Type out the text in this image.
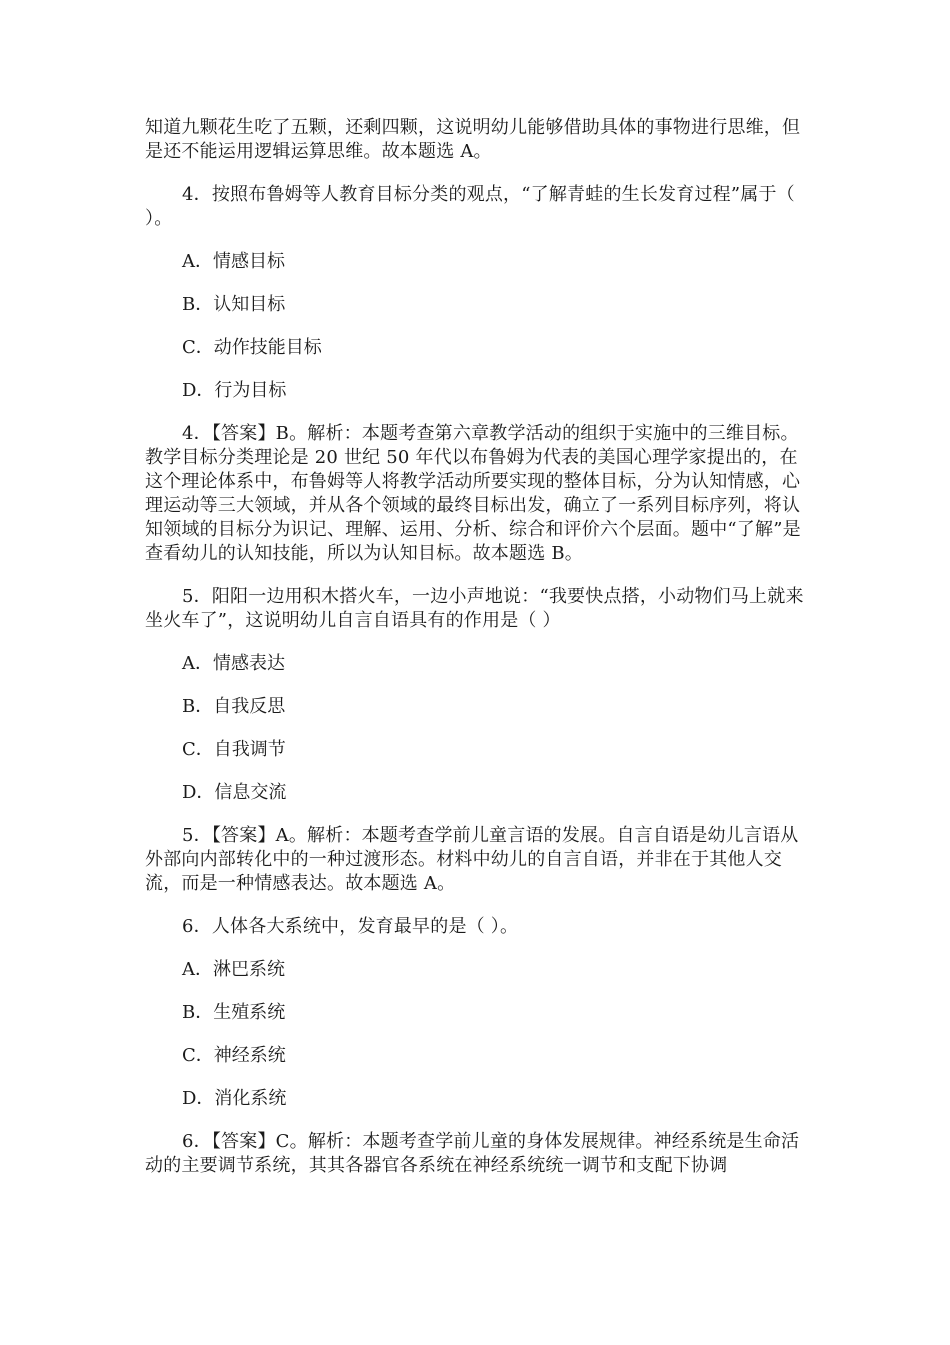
知道九颗花生吃了五颗，还剩四颗，这说明幼儿能够借助具体的事物进行思维，但是还不能运用逻辑运算思维。故本题选 A。

4．按照布鲁姆等人教育目标分类的观点，“了解青蛙的生长发育过程”属于（ ）。

A．情感目标

B．认知目标

C．动作技能目标

D．行为目标

4．【答案】B。解析：本题考查第六章教学活动的组织于实施中的三维目标。教学目标分类理论是 20 世纪 50 年代以布鲁姆为代表的美国心理学家提出的，在这个理论体系中，布鲁姆等人将教学活动所要实现的整体目标，分为认知情感，心理运动等三大领域，并从各个领域的最终目标出发，确立了一系列目标序列，将认知领域的目标分为识记、理解、运用、分析、综合和评价六个层面。题中“了解”是查看幼儿的认知技能，所以为认知目标。故本题选 B。

5．阳阳一边用积木搭火车，一边小声地说：“我要快点搭，小动物们马上就来坐火车了”，这说明幼儿自言自语具有的作用是（ ）

A．情感表达

B．自我反思

C．自我调节

D．信息交流

5．【答案】A。解析：本题考查学前儿童言语的发展。自言自语是幼儿言语从外部向内部转化中的一种过渡形态。材料中幼儿的自言自语，并非在于其他人交流，而是一种情感表达。故本题选 A。

6．人体各大系统中，发育最早的是（ ）。

A．淋巴系统

B．生殖系统

C．神经系统

D．消化系统

6．【答案】C。解析：本题考查学前儿童的身体发展规律。神经系统是生命活动的主要调节系统，其其各器官各系统在神经系统统一调节和支配下协调
